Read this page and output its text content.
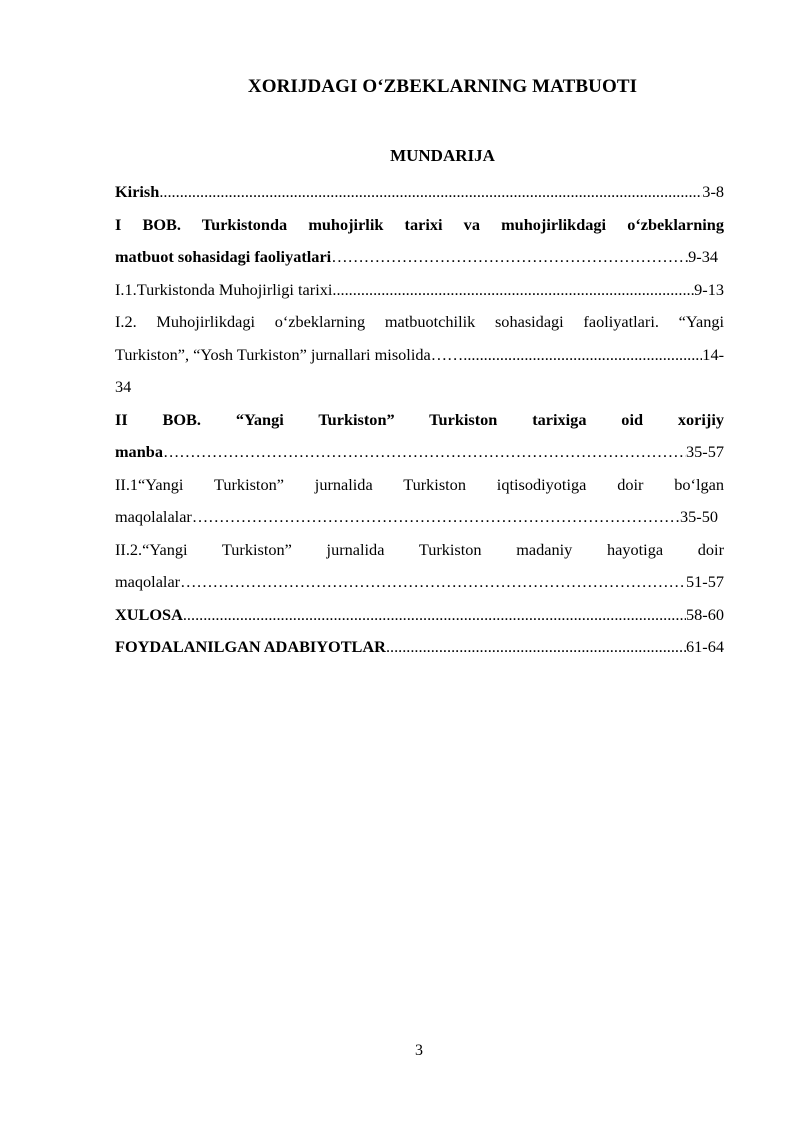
XORIJDAGI O‘ZBEKLARNING MATBUOTI
MUNDARIJA
Kirish .....	3-8
I BOB. Turkistonda muhojirlik tarixi va muhojirlikdagi o‘zbeklarning
matbuot sohasidagi faoliyatlari ……………………………………………………………………………………………………………………………………………………………………………………………………	9-34
I.1.Turkistonda Muhojirligi tarixi .....	9-13
I.2. Muhojirlikdagi o‘zbeklarning matbuotchilik sohasidagi faoliyatlari. “Yangi
Turkiston”, “Yosh Turkiston” jurnallari misolida…… .....	14-
34
II BOB. “Yangi Turkiston” Turkiston tarixiga oid xorijiy
manba ……………………………………………………………………………………………………………………………………………………………………………………………………	35-57
II.1“Yangi Turkiston” jurnalida Turkiston iqtisodiyotiga doir bo‘lgan
maqolalalar ……………………………………………………………………………………………………………………………………………………………………………………………………	35-50
II.2.“Yangi Turkiston” jurnalida Turkiston madaniy hayotiga doir
maqolalar ……………………………………………………………………………………………………………………………………………………………………………………………………	51-57
XULOSA .....	58-60
FOYDALANILGAN ADABIYOTLAR .....	61-64
3
